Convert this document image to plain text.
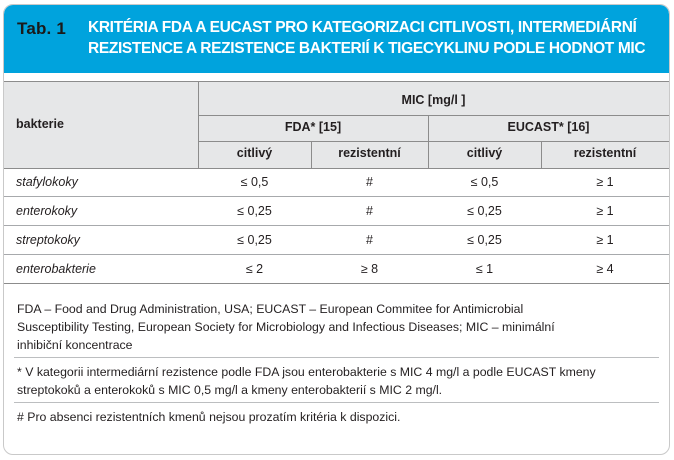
Tab. 1 KRITÉRIA FDA A EUCAST PRO KATEGORIZACI CITLIVOSTI, INTERMEDIÁRNÍ
REZISTENCE A REZISTENCE BAKTERIÍ K TIGECYKLINU PODLE HODNOT MIC
bakterie
MIC [mg/l ]
FDA* [15]	EUCAST* [16]
citlivý	rezistentní	citlivý	rezistentní
stafylokoky	≤ 0,5	#	≤ 0,5	≥ 1
enterokoky	≤ 0,25	#	≤ 0,25	≥ 1
streptokoky	≤ 0,25	#	≤ 0,25	≥ 1
enterobakterie	≤ 2	≥ 8	≤ 1	≥ 4
FDA – Food and Drug Administration, USA; EUCAST – European Commitee for Antimicrobial
Susceptibility Testing, European Society for Microbiology and Infectious Diseases; MIC – minimální
inhibiční koncentrace
* V kategorii intermediární rezistence podle FDA jsou enterobakterie s MIC 4 mg/l a podle EUCAST kmeny
streptokoků a enterokoků s MIC 0,5 mg/l a kmeny enterobakterií s MIC 2 mg/l.
# Pro absenci rezistentních kmenů nejsou prozatím kritéria k dispozici.
